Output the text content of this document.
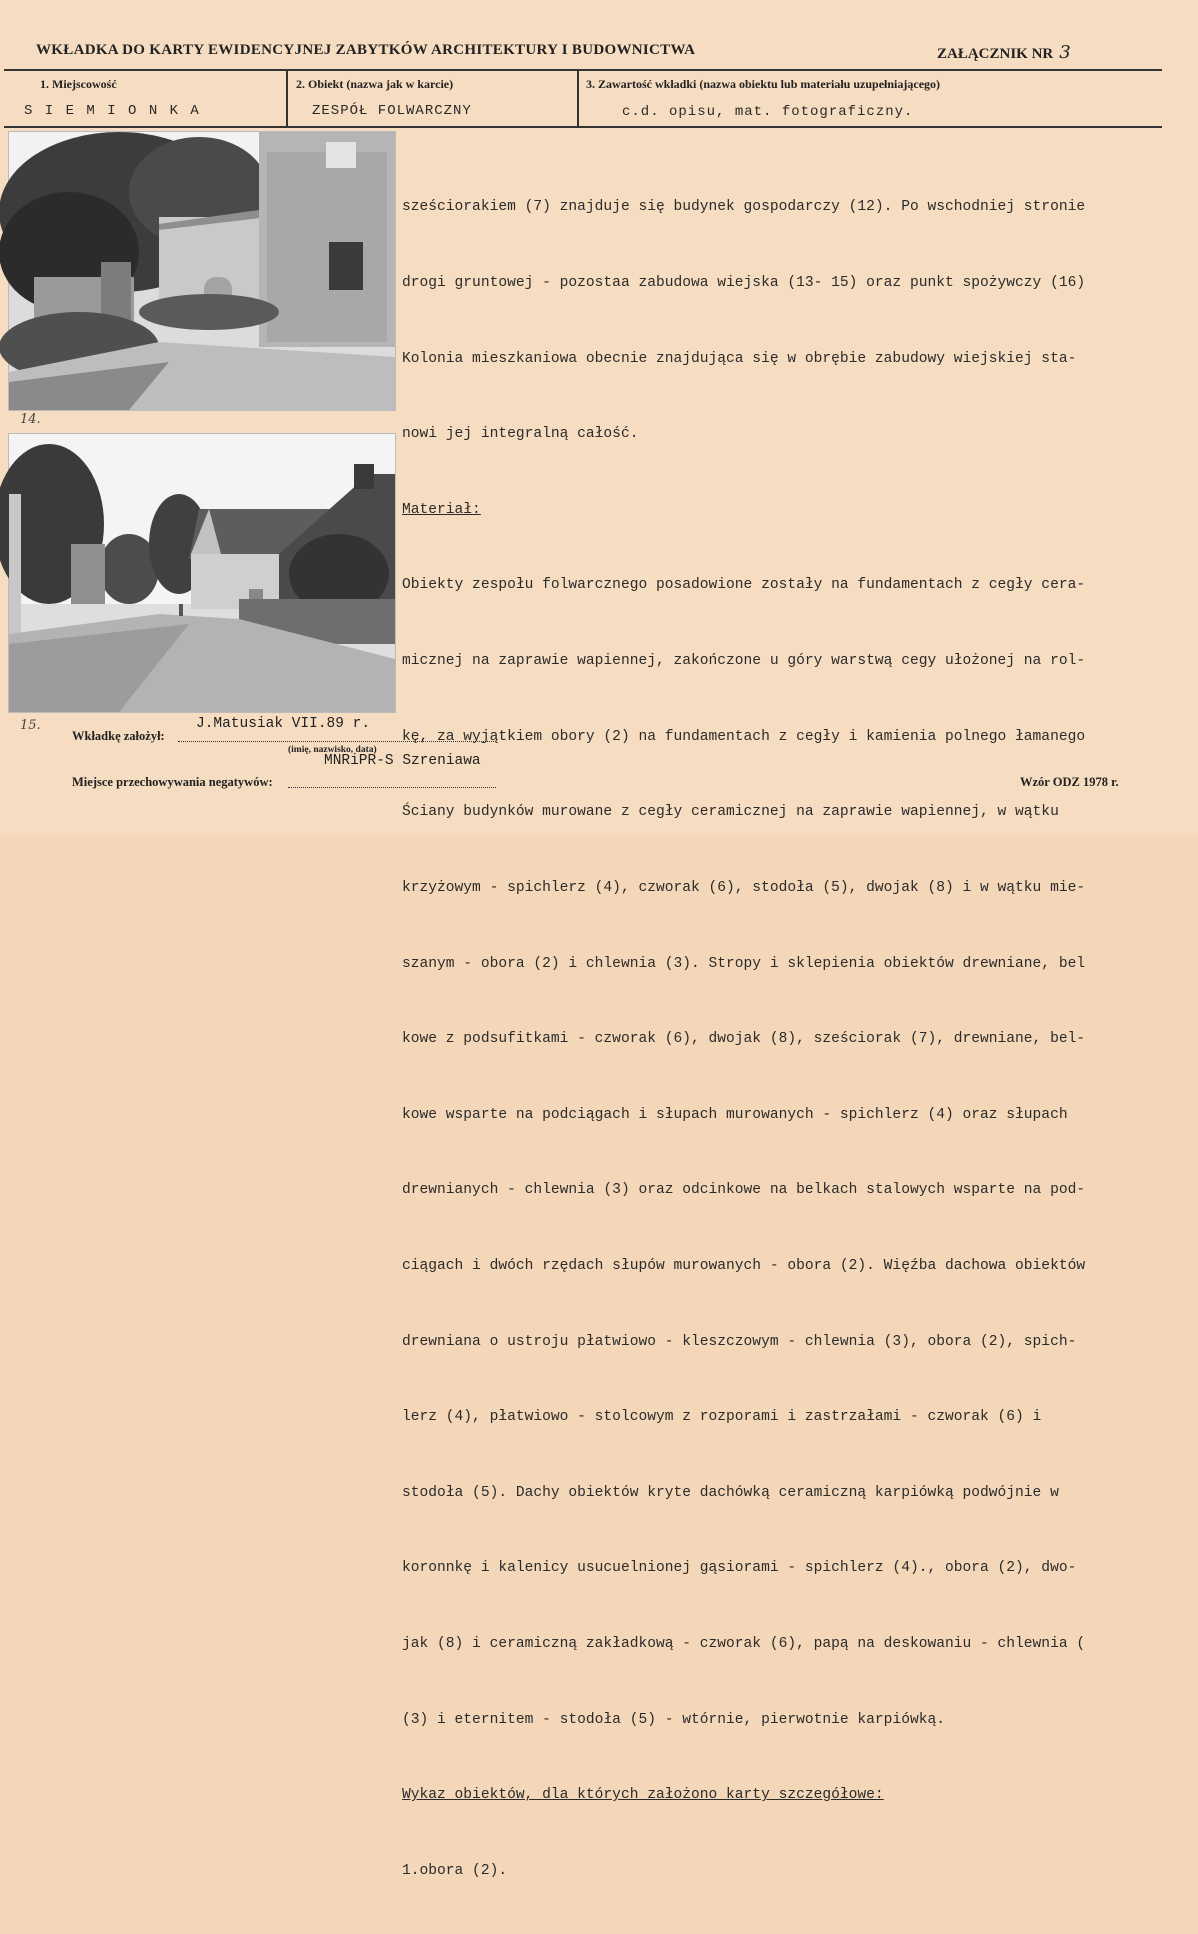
WKŁADKA DO KARTY EWIDENCYJNEJ ZABYTKÓW ARCHITEKTURY I BUDOWNICTWA	ZAŁĄCZNIK NR 3
1. Miejscowość
S I E M I O N K A
2. Obiekt (nazwa jak w karcie)
ZESPÓŁ FOLWARCZNY
3. Zawartość wkładki (nazwa obiektu lub materiału uzupełniającego)
c.d. opisu, mat. fotograficzny.
14.
15.

sześciorakiem (7) znajduje się budynek gospodarczy (12). Po wschodniej stronie

drogi gruntowej - pozostaa zabudowa wiejska (13- 15) oraz punkt spożywczy (16)

Kolonia mieszkaniowa obecnie znajdująca się w obrębie zabudowy wiejskiej sta-

nowi jej integralną całość.

Materiał:

Obiekty zespołu folwarcznego posadowione zostały na fundamentach z cegły cera-

micznej na zaprawie wapiennej, zakończone u góry warstwą cegy ułożonej na rol-

kę, za wyjątkiem obory (2) na fundamentach z cegły i kamienia polnego łamanego

Ściany budynków murowane z cegły ceramicznej na zaprawie wapiennej, w wątku

krzyżowym - spichlerz (4), czworak (6), stodoła (5), dwojak (8) i w wątku mie-

szanym - obora (2) i chlewnia (3). Stropy i sklepienia obiektów drewniane, bel

kowe z podsufitkami - czworak (6), dwojak (8), sześciorak (7), drewniane, bel-

kowe wsparte na podciągach i słupach murowanych - spichlerz (4) oraz słupach

drewnianych - chlewnia (3) oraz odcinkowe na belkach stalowych wsparte na pod-

ciągach i dwóch rzędach słupów murowanych - obora (2). Więźba dachowa obiektów

drewniana o ustroju płatwiowo - kleszczowym - chlewnia (3), obora (2), spich-

lerz (4), płatwiowo - stolcowym z rozporami i zastrzałami - czworak (6) i

stodoła (5). Dachy obiektów kryte dachówką ceramiczną karpiówką podwójnie w

koronnkę i kalenicy usucuelnionej gąsiorami - spichlerz (4)., obora (2), dwo-

jak (8) i ceramiczną zakładkową - czworak (6), papą na deskowaniu - chlewnia (

(3) i eternitem - stodoła (5) - wtórnie, pierwotnie karpiówką.

Wykaz obiektów, dla których założono karty szczegółowe:

1.obora (2).

Wkładkę założył:
J.Matusiak VII.89 r.
(imię, nazwisko, data)
Miejsce przechowywania negatywów:
MNRiPR-S Szreniawa
Wzór ODZ 1978 r.
